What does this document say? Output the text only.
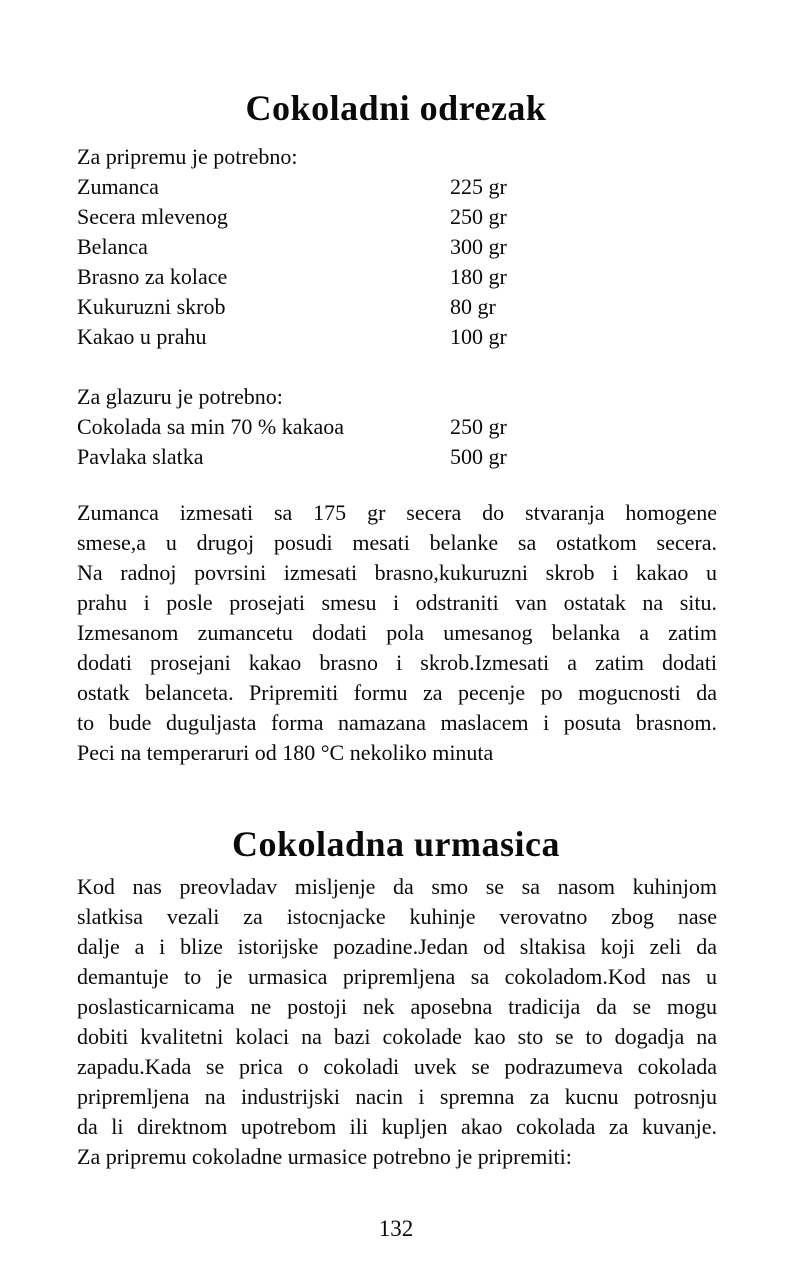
Cokoladni odrezak
Za pripremu je potrebno:
Zumanca	225 gr
Secera mlevenog	250 gr
Belanca	300 gr
Brasno za kolace	180 gr
Kukuruzni skrob	80 gr
Kakao u prahu	100 gr
Za glazuru je potrebno:
Cokolada sa min 70 % kakaoa	250 gr
Pavlaka slatka	500 gr
Zumanca izmesati sa 175 gr secera do stvaranja homogene
smese,a u drugoj posudi mesati belanke sa ostatkom secera.
Na radnoj povrsini izmesati brasno,kukuruzni skrob i kakao u
prahu i posle prosejati smesu i odstraniti van ostatak na situ.
Izmesanom zumancetu dodati pola umesanog belanka a zatim
dodati prosejani kakao brasno i skrob.Izmesati a zatim dodati
ostatk belanceta. Pripremiti formu za pecenje po mogucnosti da
to bude duguljasta forma namazana maslacem i posuta brasnom.
Peci na temperaruri od 180 °C nekoliko minuta
Cokoladna urmasica
Kod nas preovladav misljenje da smo se sa nasom kuhinjom
slatkisa vezali za istocnjacke kuhinje verovatno zbog nase
dalje a i blize istorijske pozadine.Jedan od sltakisa koji zeli da
demantuje to je urmasica pripremljena sa cokoladom.Kod nas u
poslasticarnicama ne postoji nek aposebna tradicija da se mogu
dobiti kvalitetni kolaci na bazi cokolade kao sto se to dogadja na
zapadu.Kada se prica o cokoladi uvek se podrazumeva cokolada
pripremljena na industrijski nacin i spremna za kucnu potrosnju
da li direktnom upotrebom ili kupljen akao cokolada za kuvanje.
Za pripremu cokoladne urmasice potrebno je pripremiti:
132
